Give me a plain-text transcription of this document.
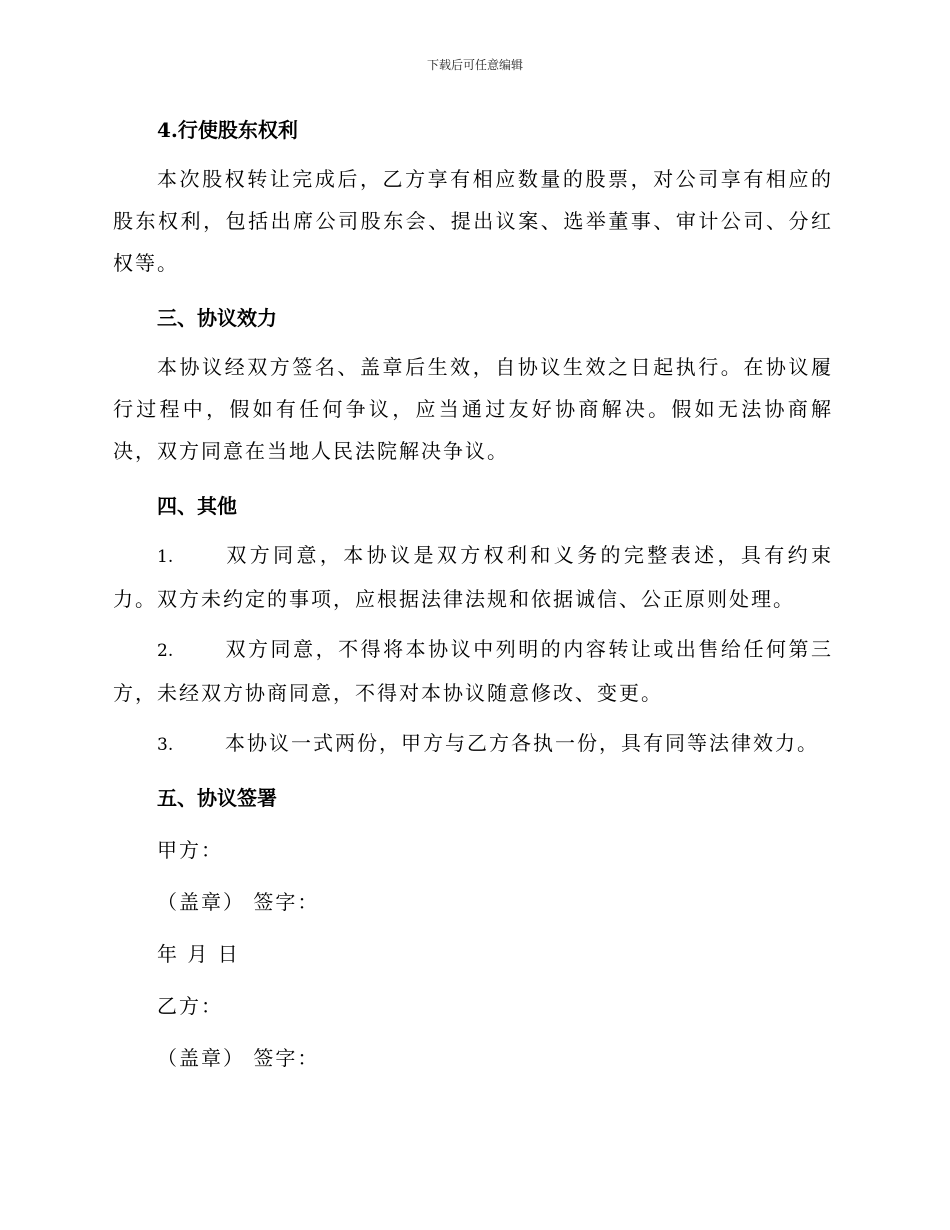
下载后可任意编辑

4.行使股东权利

本次股权转让完成后，乙方享有相应数量的股票，对公司享有相应的股东权利，包括出席公司股东会、提出议案、选举董事、审计公司、分红权等。

三、协议效力

本协议经双方签名、盖章后生效，自协议生效之日起执行。在协议履行过程中，假如有任何争议，应当通过友好协商解决。假如无法协商解决，双方同意在当地人民法院解决争议。

四、其他

1.	双方同意，本协议是双方权利和义务的完整表述，具有约束力。双方未约定的事项，应根据法律法规和依据诚信、公正原则处理。

2.	双方同意，不得将本协议中列明的内容转让或出售给任何第三方，未经双方协商同意，不得对本协议随意修改、变更。

3.	本协议一式两份，甲方与乙方各执一份，具有同等法律效力。

五、协议签署

甲方：

（盖章） 签字：

年 月 日

乙方：

（盖章） 签字：
